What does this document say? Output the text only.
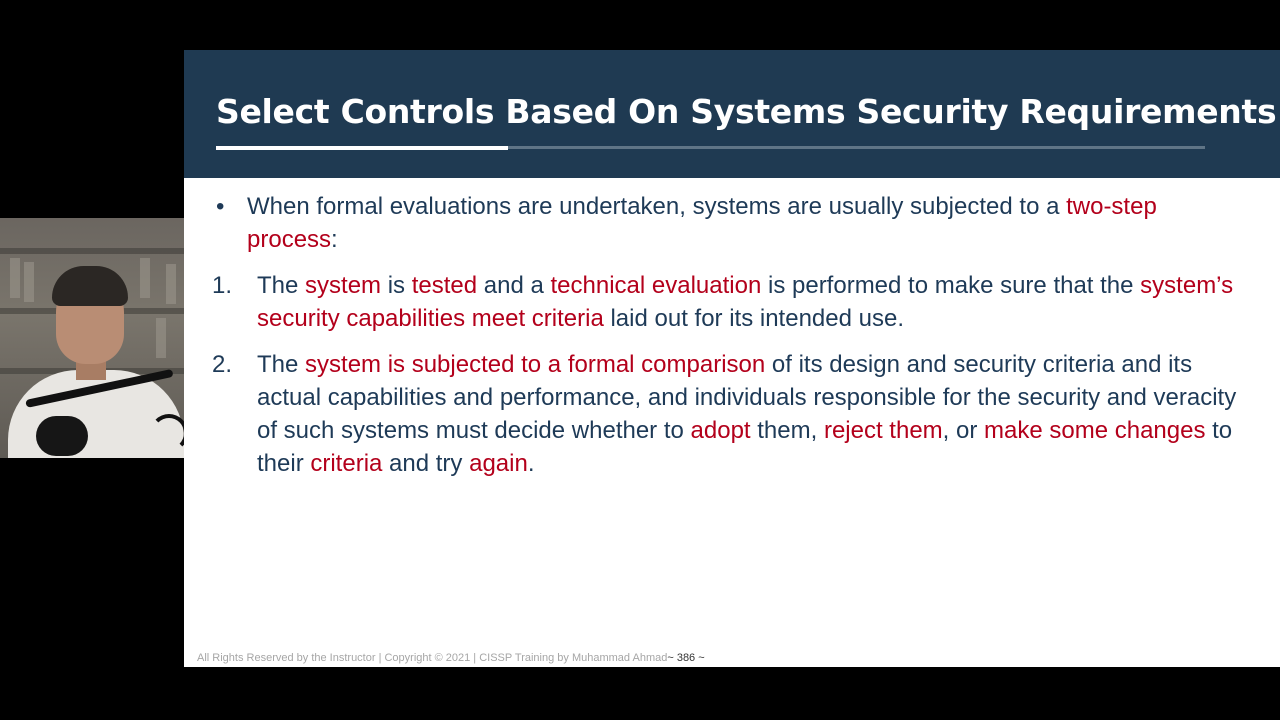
Select Controls Based On Systems Security Requirements
• When formal evaluations are undertaken, systems are usually subjected to a two-step process:
1.	The system is tested and a technical evaluation is performed to make sure that the system’s security capabilities meet criteria laid out for its intended use.
2.	The system is subjected to a formal comparison of its design and security criteria and its actual capabilities and performance, and individuals responsible for the security and veracity of such systems must decide whether to adopt them, reject them, or make some changes to their criteria and try again.
All Rights Reserved by the Instructor | Copyright © 2021 | CISSP Training by Muhammad Ahmad~ 386 ~
